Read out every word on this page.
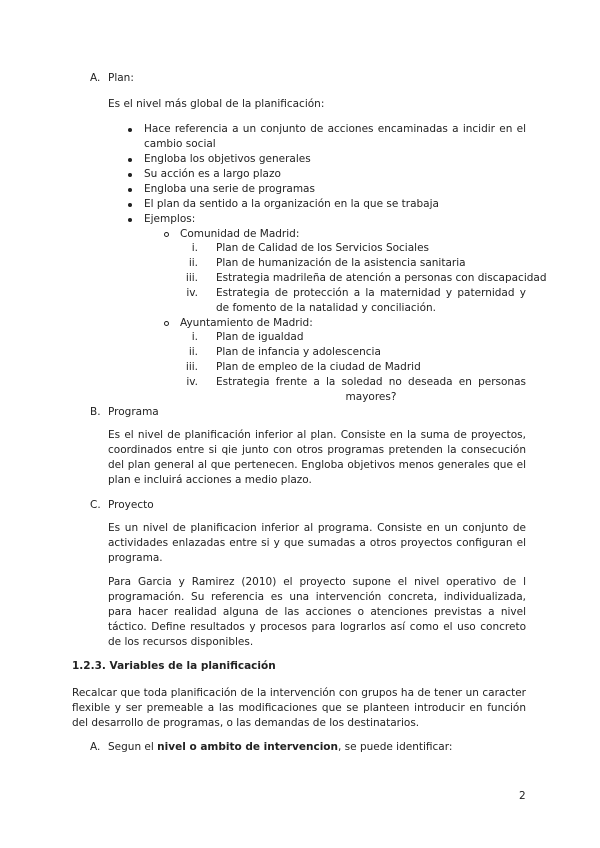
A. Plan:
Es el nivel más global de la planificación:
Hace referencia a un conjunto de acciones encaminadas a incidir en el cambio social
Engloba los objetivos generales
Su acción es a largo plazo
Engloba una serie de programas
El plan da sentido a la organización en la que se trabaja
Ejemplos:
Comunidad de Madrid:
i. Plan de Calidad de los Servicios Sociales
ii. Plan de humanización de la asistencia sanitaria
iii. Estrategia madrileña de atención a personas con discapacidad
iv. Estrategia de protección a la maternidad y paternidad y de fomento de la natalidad y conciliación.
Ayuntamiento de Madrid:
i. Plan de igualdad
ii. Plan de infancia y adolescencia
iii. Plan de empleo de la ciudad de Madrid
iv. Estrategia frente a la soledad no deseada en personas mayores?
B. Programa
Es el nivel de planificación inferior al plan. Consiste en la suma de proyectos, coordinados entre si qie junto con otros programas pretenden la consecución del plan general al que pertenecen. Engloba objetivos menos generales que el plan e incluirá acciones a medio plazo.
C. Proyecto
Es un nivel de planificacion inferior al programa. Consiste en un conjunto de actividades enlazadas entre si y que sumadas a otros proyectos configuran el programa.
Para Garcia y Ramirez (2010) el proyecto supone el nivel operativo de l programación. Su referencia es una intervención concreta, individualizada, para hacer realidad alguna de las acciones o atenciones previstas a nivel táctico. Define resultados y procesos para lograrlos así como el uso concreto de los recursos disponibles.
1.2.3. Variables de la planificación
Recalcar que toda planificación de la intervención con grupos ha de tener un caracter flexible y ser premeable a las modificaciones que se planteen introducir en función del desarrollo de programas, o las demandas de los destinatarios.
A. Segun el nivel o ambito de intervencion, se puede identificar:
2
